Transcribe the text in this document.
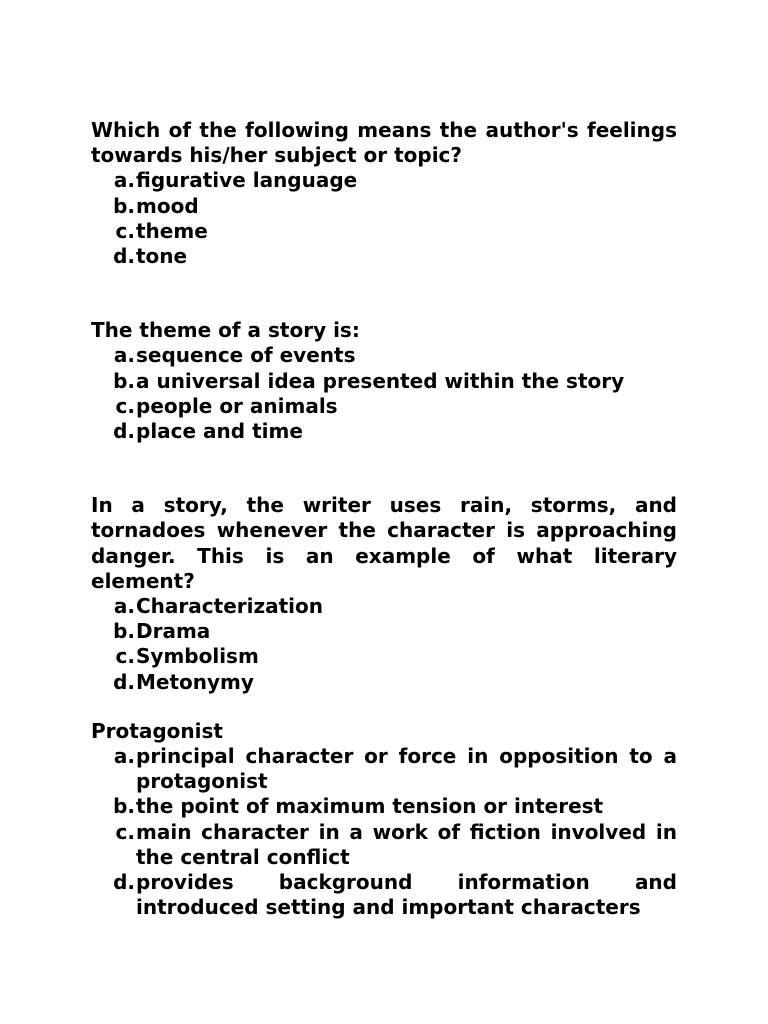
Which of the following means the author's feelings towards his/her subject or topic?

a. figurative language
b. mood
c. theme
d. tone

The theme of a story is:

a. sequence of events
b. a universal idea presented within the story
c. people or animals
d. place and time

In a story, the writer uses rain, storms, and tornadoes whenever the character is approaching danger. This is an example of what literary element?

a. Characterization
b. Drama
c. Symbolism
d. Metonymy

Protagonist

a. principal character or force in opposition to a protagonist
b. the point of maximum tension or interest
c. main character in a work of fiction involved in the central conflict
d. provides background information and introduced setting and important characters
